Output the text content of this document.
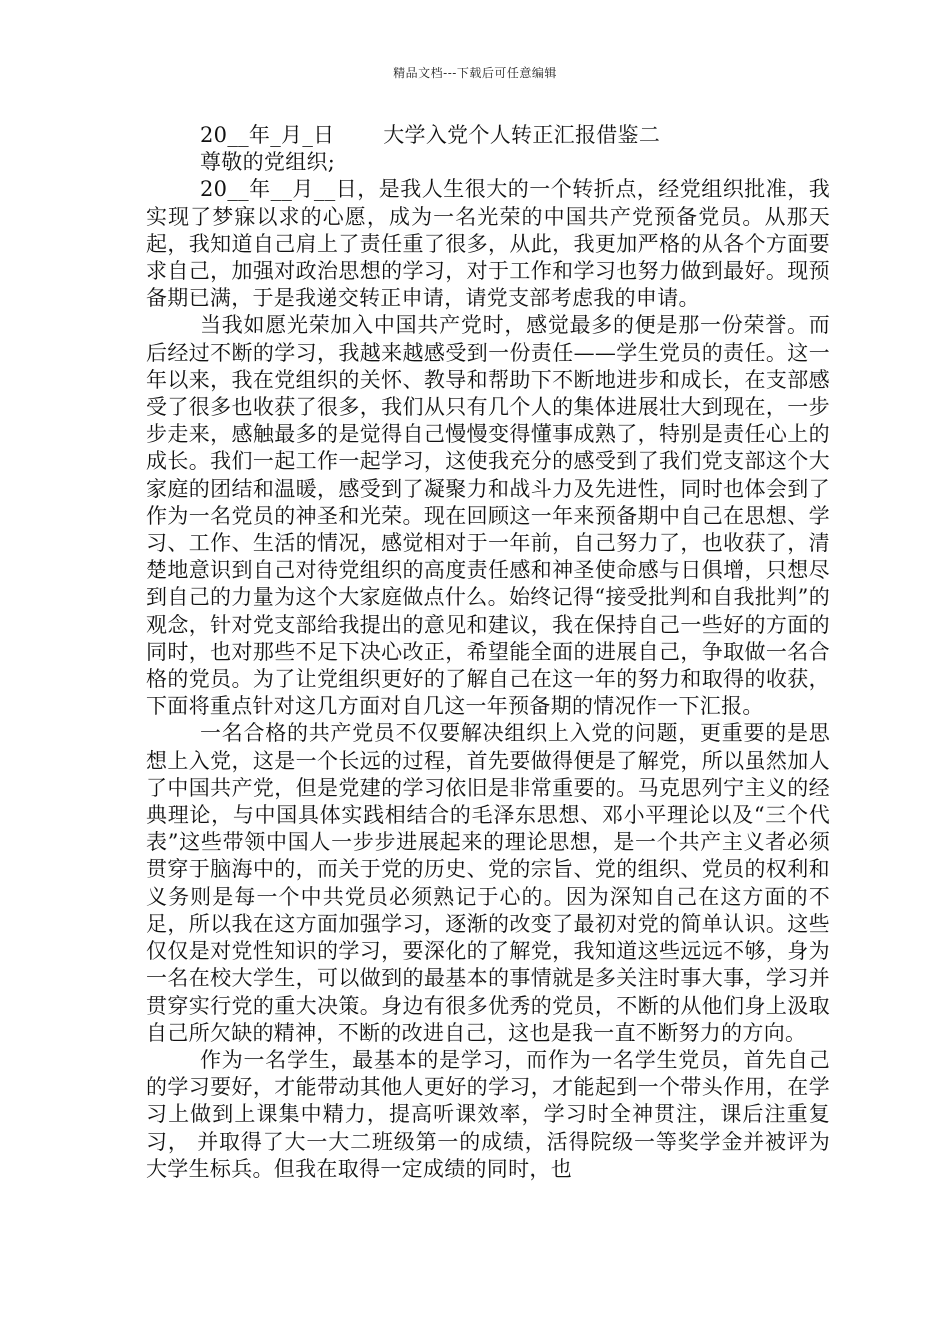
精品文档---下载后可任意编辑

20__年_月_日       大学入党个人转正汇报借鉴二

尊敬的党组织;

20__年__月__日，是我人生很大的一个转折点，经党组织批准，我实现了梦寐以求的心愿，成为一名光荣的中国共产党预备党员。从那天起，我知道自己肩上了责任重了很多，从此，我更加严格的从各个方面要求自己，加强对政治思想的学习，对于工作和学习也努力做到最好。现预备期已满，于是我递交转正申请，请党支部考虑我的申请。

当我如愿光荣加入中国共产党时，感觉最多的便是那一份荣誉。而后经过不断的学习，我越来越感受到一份责任——学生党员的责任。这一年以来，我在党组织的关怀、教导和帮助下不断地进步和成长，在支部感受了很多也收获了很多，我们从只有几个人的集体进展壮大到现在，一步步走来，感触最多的是觉得自己慢慢变得懂事成熟了，特别是责任心上的成长。我们一起工作一起学习，这使我充分的感受到了我们党支部这个大家庭的团结和温暖，感受到了凝聚力和战斗力及先进性，同时也体会到了作为一名党员的神圣和光荣。现在回顾这一年来预备期中自己在思想、学习、工作、生活的情况，感觉相对于一年前，自己努力了，也收获了，清楚地意识到自己对待党组织的高度责任感和神圣使命感与日俱增，只想尽到自己的力量为这个大家庭做点什么。始终记得“接受批判和自我批判”的观念，针对党支部给我提出的意见和建议，我在保持自己一些好的方面的同时，也对那些不足下决心改正，希望能全面的进展自己，争取做一名合格的党员。为了让党组织更好的了解自己在这一年的努力和取得的收获，下面将重点针对这几方面对自几这一年预备期的情况作一下汇报。

一名合格的共产党员不仅要解决组织上入党的问题，更重要的是思想上入党，这是一个长远的过程，首先要做得便是了解党，所以虽然加人了中国共产党，但是党建的学习依旧是非常重要的。马克思列宁主义的经典理论，与中国具体实践相结合的毛泽东思想、邓小平理论以及“三个代表”这些带领中国人一步步进展起来的理论思想，是一个共产主义者必须贯穿于脑海中的，而关于党的历史、党的宗旨、党的组织、党员的权利和义务则是每一个中共党员必须熟记于心的。因为深知自己在这方面的不足，所以我在这方面加强学习，逐渐的改变了最初对党的简单认识。这些仅仅是对党性知识的学习，要深化的了解党，我知道这些远远不够，身为一名在校大学生，可以做到的最基本的事情就是多关注时事大事，学习并贯穿实行党的重大决策。身边有很多优秀的党员，不断的从他们身上汲取自己所欠缺的精神，不断的改进自己，这也是我一直不断努力的方向。

作为一名学生，最基本的是学习，而作为一名学生党员，首先自己的学习要好，才能带动其他人更好的学习，才能起到一个带头作用，在学习上做到上课集中精力，提高听课效率，学习时全神贯注，课后注重复习， 并取得了大一大二班级第一的成绩，活得院级一等奖学金并被评为大学生标兵。但我在取得一定成绩的同时，也
